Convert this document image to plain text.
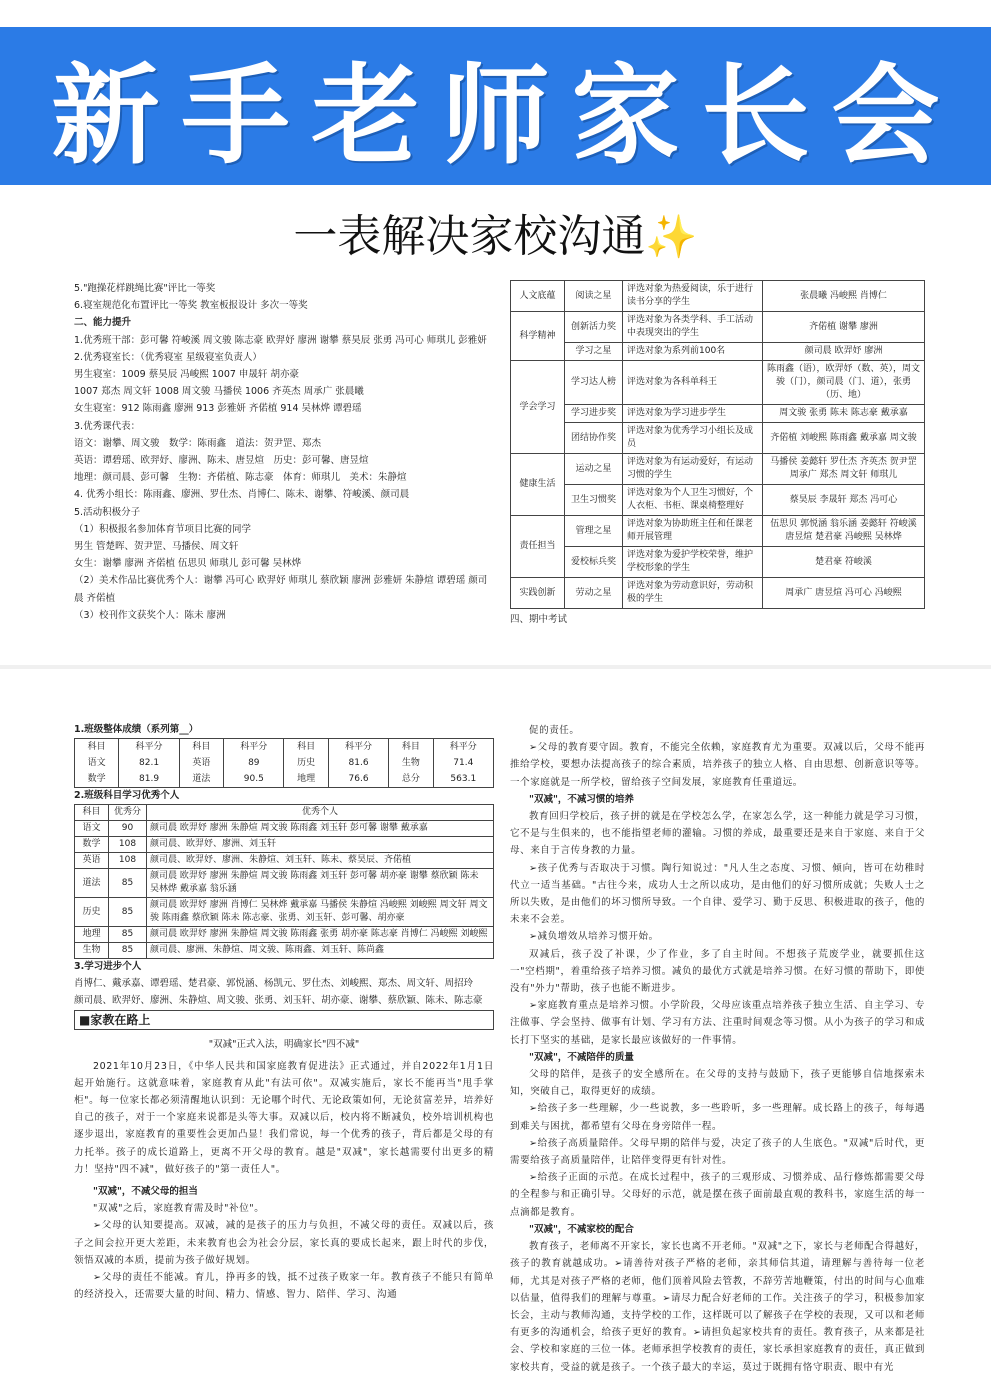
新手老师家长会
一表解决家校沟通✨
5."跑操花样跳绳比赛"评比一等奖
6.寝室规范化布置评比一等奖 教室板报设计 多次一等奖
二、能力提升
1.优秀班干部：彭可馨 符峻溪 周文骏 陈志豪 欧羿妤 廖洲 谢攀 蔡昊辰 张勇 冯可心 师琪儿 彭雅妍
2.优秀寝室长：（优秀寝室 星级寝室负责人）
男生寝室：1009 蔡昊辰 冯峻熙 1007 申晟轩 胡亦豪
1007 郑杰 周文轩 1008 周文骏 马播侯 1006 齐英杰 周承广 张晨曦
女生寝室：912 陈雨鑫 廖洲 913 彭雅妍 齐偌植 914 吴林烨 谭碧瑶
3.优秀课代表：
语文：谢攀、周文骏　数学：陈雨鑫　道法：贺尹罡、郑杰
英语：谭碧瑶、欧羿妤、廖洲、陈未、唐昱煊　历史：彭可馨、唐昱煊
地理：颜司晨、彭可馨　生物：齐偌植、陈志豪　体育：师琪儿　美术：朱静煊
4. 优秀小组长：陈雨鑫、廖洲、罗仕杰、肖博仁、陈未、谢攀、符峻溪、颜司晨
5.活动积极分子
（1）积极报名参加体育节项目比赛的同学
男生 管楚晖、贺尹罡、马播侯、周文轩
女生：谢攀 廖洲 齐偌植 伍思贝 师琪儿 彭可馨 吴林烨
（2）美术作品比赛优秀个人：谢攀 冯可心 欧羿妤 师琪儿 蔡欣颖 廖洲 彭雅妍 朱静煊 谭碧瑶 颜司晨 齐偌植
（3）校刊作文获奖个人：陈未 廖洲
人文底蕴	阅读之星	评选对象为热爱阅读，乐于进行读书分享的学生	张晨曦 冯峻熙 肖博仁
科学精神	创新活力奖	评选对象为各类学科、手工活动中表现突出的学生	齐偌植 谢攀 廖洲
	学习之星	评选对象为系列前100名	颜司晨 欧羿妤 廖洲
学会学习	学习达人榜	评选对象为各科单科王	陈雨鑫（语），欧羿妤（数、英），周文骏（门），颜司晨（门、道），张勇（历、地）
	学习进步奖	评选对象为学习进步学生	周文骏 张勇 陈未 陈志豪 戴承嘉
	团结协作奖	评选对象为优秀学习小组长及成员	齐偌植 刘峻熙 陈雨鑫 戴承嘉 周文骏
健康生活	运动之星	评选对象为有运动爱好，有运动习惯的学生	马播侯 姜懿轩 罗仕杰 齐英杰 贺尹罡 周承广 郑杰 周文轩 师琪儿
	卫生习惯奖	评选对象为个人卫生习惯好，个人衣柜、书柜、课桌椅整理好	蔡昊辰 李晟轩 郑杰 冯可心
责任担当	管理之星	评选对象为协助班主任和任课老师开展管理	伍思贝 郭悦涵 翁乐涵 姜懿轩 符峻溪 唐昱煊 楚君豪 冯峻熙 吴林烨
	爱校标兵奖	评选对象为爱护学校荣誉，维护学校形象的学生	楚君豪 符峻溪
实践创新	劳动之星	评选对象为劳动意识好，劳动积极的学生	周承广 唐昱煊 冯可心 冯峻熙
四、期中考试
1.班级整体成绩（系列第__）
科目	科平分	科目	科平分	科目	科平分	科目	科平分
语文	82.1	英语	89	历史	81.6	生物	71.4
数学	81.9	道法	90.5	地理	76.6	总分	563.1
2.班级科目学习优秀个人
科目	优秀分	优秀个人
语文	90	颜司晨 欧羿妤 廖洲 朱静煊 周文骏 陈雨鑫 刘玉轩 彭可馨 谢攀 戴承嘉
数学	108	颜司晨、欧羿妤、廖洲、刘玉轩
英语	108	颜司晨、欧羿妤、廖洲、朱静煊、刘玉轩、陈未、蔡昊辰、齐偌植
道法	85	颜司晨 欧羿妤 廖洲 朱静煊 周文骏 陈雨鑫 刘玉轩 彭可馨 胡亦豪 谢攀 蔡欣颖 陈未 吴林烨 戴承嘉 翁乐涵
历史	85	颜司晨 欧羿妤 廖洲 肖博仁 吴林烨 戴承嘉 马播侯 朱静煊 冯峻熙 刘峻熙 周文轩 周文骏 陈雨鑫 蔡欣颖 陈未 陈志豪、张勇、刘玉轩、彭可馨、胡亦豪
地理	85	颜司晨 欧羿妤 廖洲 朱静煊 周文骏 陈雨鑫 张勇 胡亦豪 陈志豪 肖博仁 冯峻熙 刘峻熙
生物	85	颜司晨、廖洲、朱静煊、周文骏、陈雨鑫、刘玉轩、陈尚鑫
3.学习进步个人
肖博仁、戴承嘉、谭碧瑶、楚君豪、郭悦涵、杨凯元、罗仕杰、刘峻熙、郑杰、周文轩、周招玲
颜司晨、欧羿妤、廖洲、朱静煊、周文骏、张勇、刘玉轩、胡亦豪、谢攀、蔡欣颖、陈未、陈志豪
■家教在路上
"双减"正式入法，明确家长"四不减"
2021年10月23日，《中华人民共和国家庭教育促进法》正式通过，并自2022年1月1日起开始施行。这就意味着，家庭教育从此"有法可依"。双减实施后，家长不能再当"甩手掌柜"。每一位家长都必须清醒地认识到：无论哪个时代、无论政策如何，无论贫富差异，培养好自己的孩子，对于一个家庭来说都是头等大事。双减以后，校内将不断减负，校外培训机构也逐步退出，家庭教育的重要性会更加凸显！我们常说，每一个优秀的孩子，背后都是父母的有力托举。孩子的成长道路上，更离不开父母的教育。越是"双减"，家长越需要付出更多的精力！坚持"四不减"，做好孩子的"第一责任人"。
"双减"，不减父母的担当
"双减"之后，家庭教育需及时"补位"。
➢父母的认知要提高。双减，减的是孩子的压力与负担，不减父母的责任。双减以后，孩子之间会拉开更大差距，未来教育也会为社会分层，家长真的要成长起来，跟上时代的步伐，领悟双减的本质，提前为孩子做好规划。
➢父母的责任不能减。育儿，挣再多的钱，抵不过孩子败家一年。教育孩子不能只有简单的经济投入，还需要大量的时间、精力、情感、智力、陪伴、学习、沟通
促的责任。
➢父母的教育要守固。教育，不能完全依赖，家庭教育尤为重要。双减以后，父母不能再推给学校，要想办法提高孩子的综合素质，培养孩子的独立人格、自由思想、创新意识等等。一个家庭就是一所学校，留给孩子空间发展，家庭教育任重道远。
"双减"，不减习惯的培养
教育回归学校后，孩子拼的就是在学校怎么学，在家怎么学，这一种能力就是学习习惯，它不是与生俱来的，也不能指望老师的灌输。习惯的养成，最重要还是来自于家庭、来自于父母、来自于言传身教的力量。
➢孩子优秀与否取决于习惯。陶行知说过："凡人生之态度、习惯、倾向，皆可在幼稚时代立一适当基础。"古往今来，成功人士之所以成功，是由他们的好习惯所成就；失败人士之所以失败，是由他们的坏习惯所导致。一个自律、爱学习、勤于反思、积极进取的孩子，他的未来不会差。
➢减负增效从培养习惯开始。
双减后，孩子没了补课，少了作业，多了自主时间。不想孩子荒废学业，就要抓住这一"空档期"，着重给孩子培养习惯。减负的最优方式就是培养习惯。在好习惯的帮助下，即使没有"外力"帮助，孩子也能不断进步。
➢家庭教育重点是培养习惯。小学阶段，父母应该重点培养孩子独立生活、自主学习、专注做事、学会坚持、做事有计划、学习有方法、注重时间观念等习惯。从小为孩子的学习和成长打下坚实的基础，是家长最应该做好的一件事情。
"双减"，不减陪伴的质量
父母的陪伴，是孩子的安全感所在。在父母的支持与鼓励下，孩子更能够自信地探索未知，突破自己，取得更好的成绩。
➢给孩子多一些理解，少一些说教，多一些聆听，多一些理解。成长路上的孩子，每每遇到难关与困扰，都希望有父母在身旁陪伴一程。
➢给孩子高质量陪伴。父母早期的陪伴与爱，决定了孩子的人生底色。"双减"后时代，更需要给孩子高质量陪伴，让陪伴变得更有针对性。
➢给孩子正面的示范。在成长过程中，孩子的三观形成、习惯养成、品行修炼都需要父母的全程参与和正确引导。父母好的示范，就是摆在孩子面前最直观的教科书，家庭生活的每一点滴都是教育。
"双减"，不减家校的配合
教育孩子，老师离不开家长，家长也离不开老师。"双减"之下，家长与老师配合得越好，孩子的教育就越成功。➢请善待对孩子严格的老师，亲其师信其道，请理解与善待每一位老师，尤其是对孩子严格的老师，他们顶着风险去管教，不辞劳苦地鞭策，付出的时间与心血难以估量，值得我们的理解与尊重。➢请尽力配合好老师的工作。关注孩子的学习，积极参加家长会，主动与教师沟通，支持学校的工作，这样既可以了解孩子在学校的表现，又可以和老师有更多的沟通机会，给孩子更好的教育。➢请担负起家校共育的责任。教育孩子，从来都是社会、学校和家庭的三位一体。老师承担学校教育的责任，家长承担家庭教育的责任，真正做到家校共育，受益的就是孩子。一个孩子最大的幸运，莫过于既拥有恪守职责、眼中有光
